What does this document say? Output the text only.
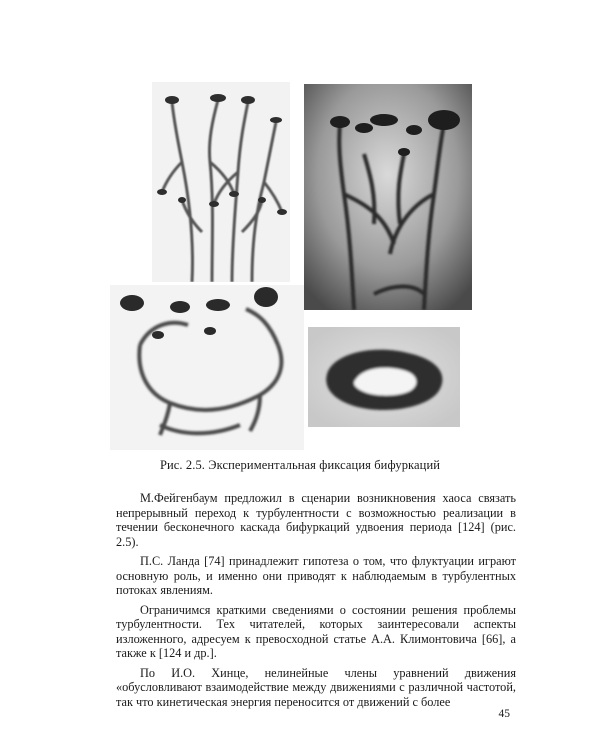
Рис. 2.5. Экспериментальная фиксация бифуркаций

М.Фейгенбаум предложил в сценарии возникновения хаоса связать непрерывный переход к турбулентности с возможностью реализации в течении бесконечного каскада бифуркаций удвоения периода [124] (рис. 2.5).

П.С. Ланда [74] принадлежит гипотеза о том, что флуктуации играют основную роль, и именно они приводят к наблюдаемым в турбулентных потоках явлениям.

Ограничимся краткими сведениями о состоянии решения проблемы турбулентности. Тех читателей, которых заинтересовали аспекты изложенного, адресуем к превосходной статье А.А. Климонтовича [66], а также к [124 и др.].

По И.О. Хинце, нелинейные члены уравнений движения «обусловливают взаимодействие между движениями с различной частотой, так что кинетическая энергия переносится от движений с более

45
